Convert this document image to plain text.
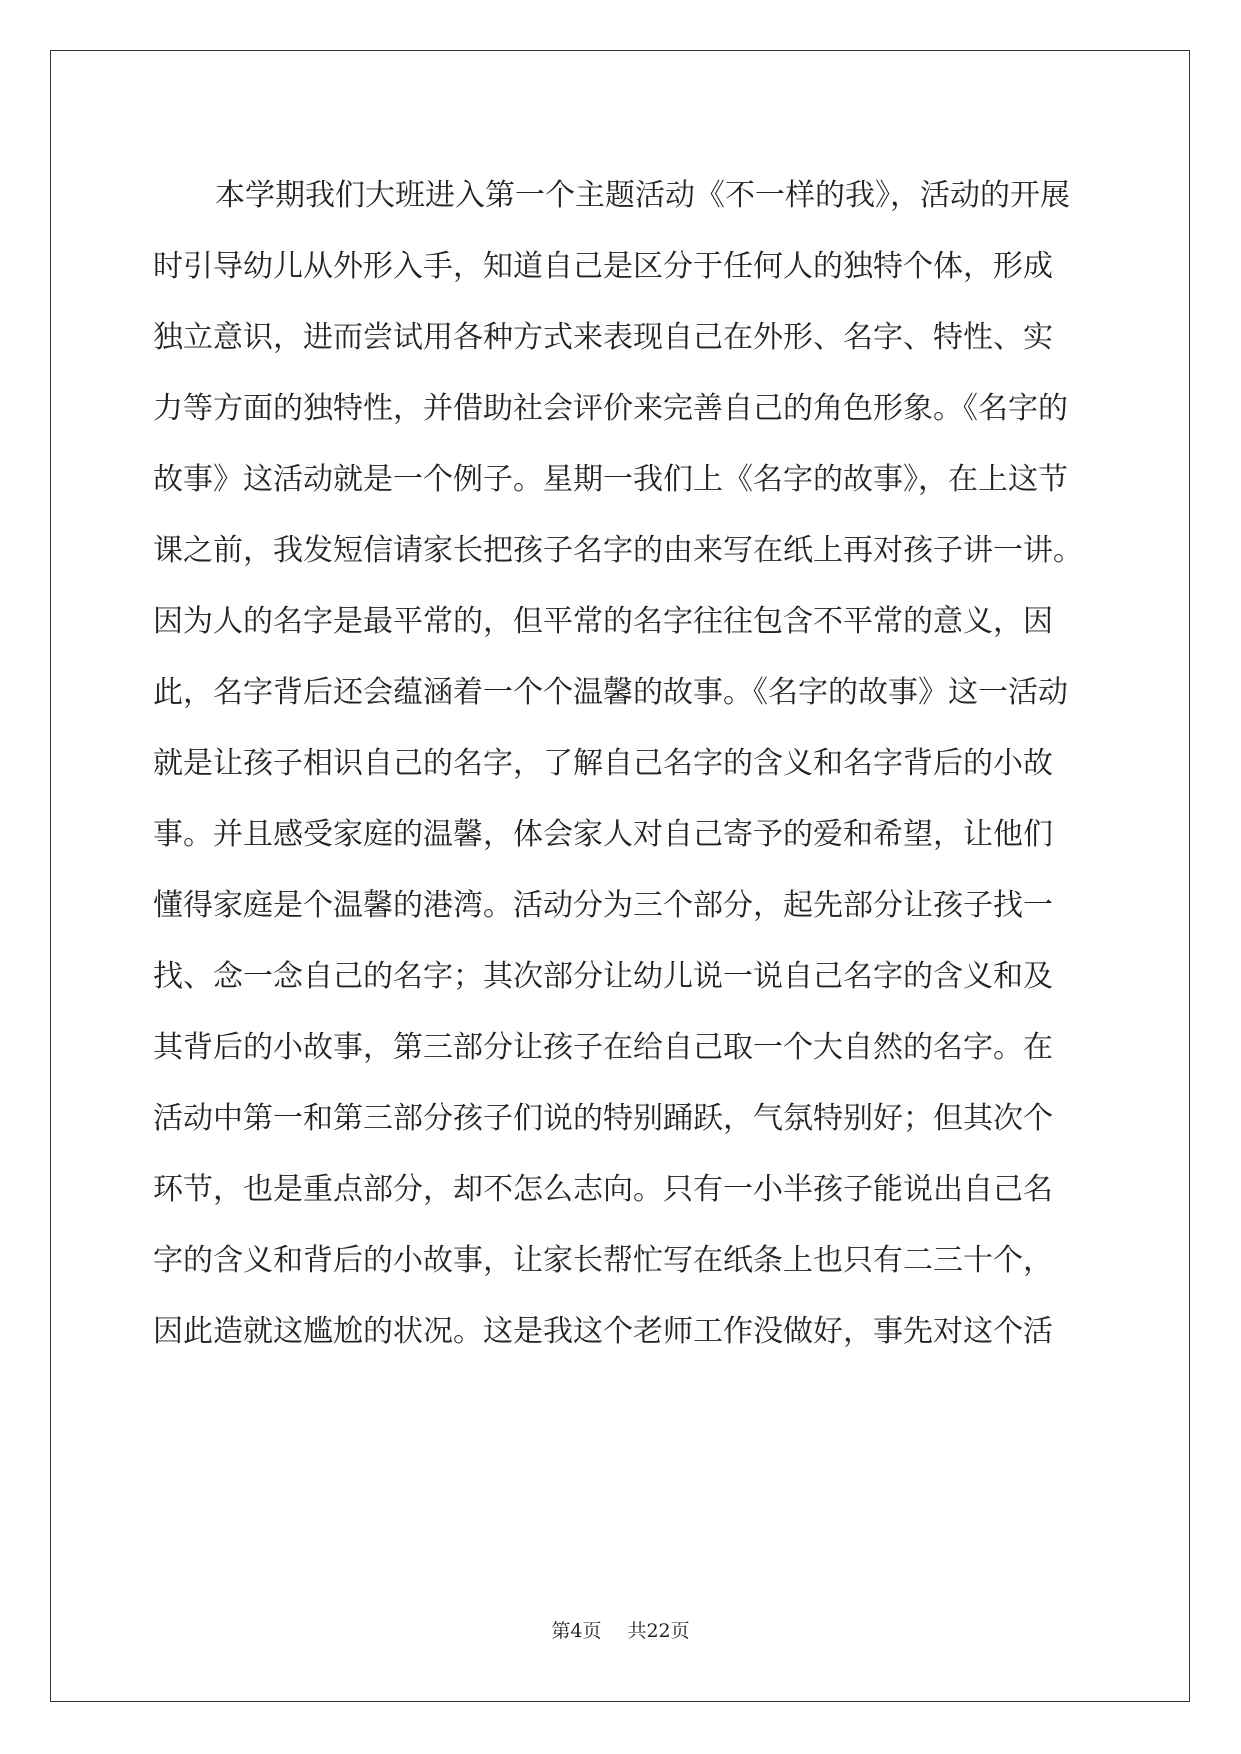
本学期我们大班进入第一个主题活动《不一样的我》，活动的开展
时引导幼儿从外形入手，知道自己是区分于任何人的独特个体，形成
独立意识，进而尝试用各种方式来表现自己在外形、名字、特性、实
力等方面的独特性，并借助社会评价来完善自己的角色形象。《名字的
故事》这活动就是一个例子。星期一我们上《名字的故事》，在上这节
课之前，我发短信请家长把孩子名字的由来写在纸上再对孩子讲一讲。
因为人的名字是最平常的，但平常的名字往往包含不平常的意义，因
此，名字背后还会蕴涵着一个个温馨的故事。《名字的故事》这一活动
就是让孩子相识自己的名字，了解自己名字的含义和名字背后的小故
事。并且感受家庭的温馨，体会家人对自己寄予的爱和希望，让他们
懂得家庭是个温馨的港湾。活动分为三个部分，起先部分让孩子找一
找、念一念自己的名字；其次部分让幼儿说一说自己名字的含义和及
其背后的小故事，第三部分让孩子在给自己取一个大自然的名字。在
活动中第一和第三部分孩子们说的特别踊跃，气氛特别好；但其次个
环节，也是重点部分，却不怎么志向。只有一小半孩子能说出自己名
字的含义和背后的小故事，让家长帮忙写在纸条上也只有二三十个，
因此造就这尴尬的状况。这是我这个老师工作没做好，事先对这个活
第4页 共22页
